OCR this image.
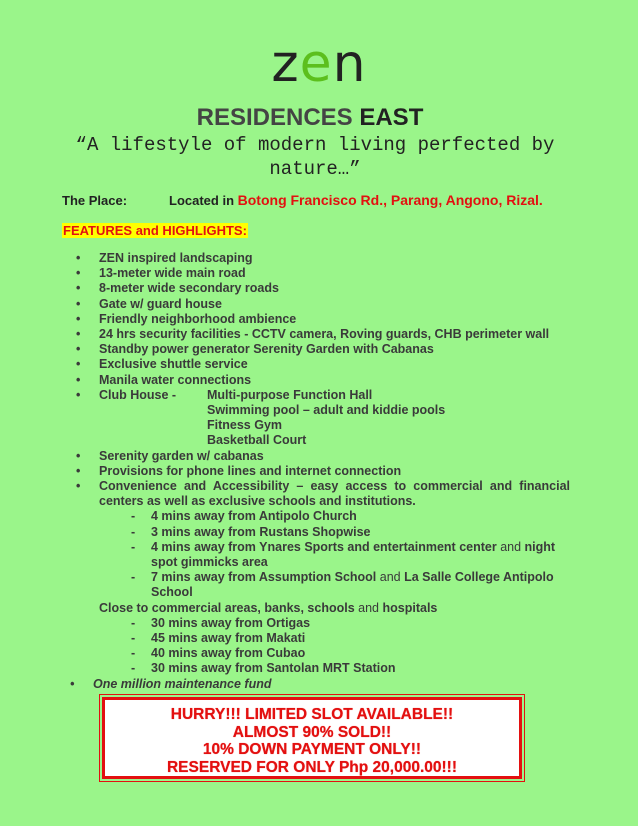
zen
RESIDENCES EAST
“A lifestyle of modern living perfected by nature…”
The Place:	Located in Botong Francisco Rd., Parang, Angono, Rizal.
FEATURES and HIGHLIGHTS:
• ZEN inspired landscaping
• 13-meter wide main road
• 8-meter wide secondary roads
• Gate w/ guard house
• Friendly neighborhood ambience
• 24 hrs security facilities - CCTV camera, Roving guards, CHB perimeter wall
• Standby power generator Serenity Garden with Cabanas
• Exclusive shuttle service
• Manila water connections
• Club House -	Multi-purpose Function Hall
Swimming pool – adult and kiddie pools
Fitness Gym
Basketball Court
• Serenity garden w/ cabanas
• Provisions for phone lines and internet connection
• Convenience and Accessibility – easy access to commercial and financial centers as well as exclusive schools and institutions.
- 4 mins away from Antipolo Church
- 3 mins away from Rustans Shopwise
- 4 mins away from Ynares Sports and entertainment center and night spot gimmicks area
- 7 mins away from Assumption School and La Salle College Antipolo School
Close to commercial areas, banks, schools and hospitals
- 30 mins away from Ortigas
- 45 mins away from Makati
- 40 mins away from Cubao
- 30 mins away from Santolan MRT Station
• One million maintenance fund
HURRY!!! LIMITED SLOT AVAILABLE!!
ALMOST 90% SOLD!!
10% DOWN PAYMENT ONLY!!
RESERVED FOR ONLY Php 20,000.00!!!
